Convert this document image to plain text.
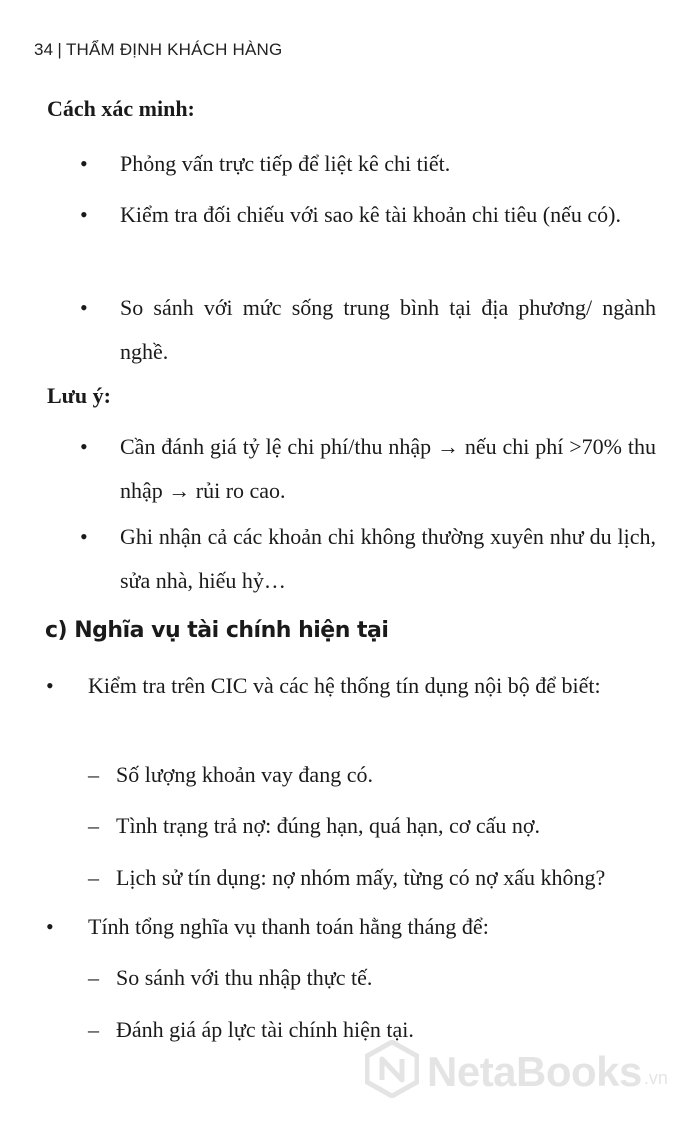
34 | THẨM ĐỊNH KHÁCH HÀNG
Cách xác minh:
• Phỏng vấn trực tiếp để liệt kê chi tiết.
• Kiểm tra đối chiếu với sao kê tài khoản chi tiêu (nếu có).
• So sánh với mức sống trung bình tại địa phương/ ngành nghề.
Lưu ý:
• Cần đánh giá tỷ lệ chi phí/thu nhập → nếu chi phí >70% thu nhập → rủi ro cao.
• Ghi nhận cả các khoản chi không thường xuyên như du lịch, sửa nhà, hiếu hỷ…
c) Nghĩa vụ tài chính hiện tại
• Kiểm tra trên CIC và các hệ thống tín dụng nội bộ để biết:
– Số lượng khoản vay đang có.
– Tình trạng trả nợ: đúng hạn, quá hạn, cơ cấu nợ.
– Lịch sử tín dụng: nợ nhóm mấy, từng có nợ xấu không?
• Tính tổng nghĩa vụ thanh toán hằng tháng để:
– So sánh với thu nhập thực tế.
– Đánh giá áp lực tài chính hiện tại.
NetaBooks .vn
